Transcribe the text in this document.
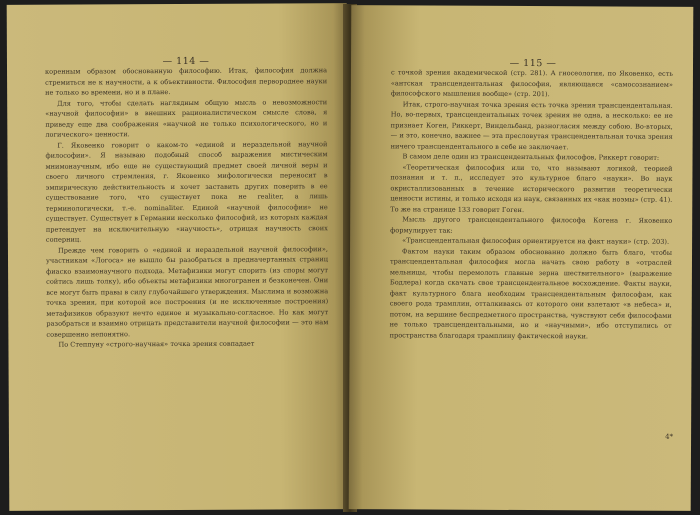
— 114 —

коренным образом обоснованную философию. Итак, философия должна стремиться не к научности, а к объективности. Философия первороднее науки не только во времени, но и в плане.

Для того, чтобы сделать наглядным общую мысль о невозможности «научной философии» в внешних рационалистическом смысле слова, я приведу еще два соображения «научной не только психологического, но и логического» ценности.

Г. Яковенко говорит о каком-то «единой и нераздельной научной философии». Я называю подобный способ выражения мистическим мнимонаучным, ибо еще не существующий предмет своей личной веры и своего личного стремления, г. Яковенко мифологически переносит в эмпирическую действительность и хочет заставить других поверить в ее существование того, что существует пока не realiter, а лишь терминологически, т.-е. nominaliter. Единой «научной философии» не существует. Существует в Германии несколько философий, из которых каждая претендует на исключительную «научность», отрицая научность своих соперниц.

Прежде чем говорить о «единой и нераздельной научной философии», участникам «Логоса» не вышло бы разобраться в предначертанных страниц фиаско взаимонаучного подхода. Метафизики могут спорить (из споры могут сойтись лишь толку), ибо объекты метафизики многогранен и безконечен. Они все могут быть правы в силу глубочайшего утверждения. Мыслима и возможна точка зрения, при которой все построения (и не исключенные построения) метафизиков образуют нечто единое и музыкально-согласное. Но как могут разобраться и взаимно отрицать представители научной философии — это нам совершенно непонятно.

По Степпуну «строго-научная» точка зрения совпадает

— 115 —

с точкой зрения академической (стр. 281). А гносеология, по Яковенко, есть «антская трансцендентальная философия, являющаяся «самосознанием» философского мышления вообще» (стр. 201).

Итак, строго-научная точка зрения есть точка зрения трансцендентальная. Но, во-первых, трансцендентальных точек зрения не одна, а несколько: ее не признает Коген, Риккерт, Виндельбанд, разногласия между собою. Во-вторых, — и это, конечно, важнее — эта пресловутая трансцендентальная точка зрения ничего трансцендентального в себе не заключает.

В самом деле один из трансцендентальных философов, Риккерт говорит:

«Теоретическая философия или то, что называют логикой, теорией познания и т. п., исследует это культурное благо «науки». Во наук окристаллизованных в течение исторического развития теоретически ценности истины, и только исходя из наук, связанных их «как ноэмы» (стр. 41). То же на странице 133 говорит Гоген.

Мысль другого трансцендентального философа Когена г. Яковенко формулирует так:

«Трансцендентальная философия ориентируется на факт науки» (стр. 203).

Фактом науки таким образом обоснованно должно быть благо, чтобы трансцендентальная философия могла начать свою работу в «отраслей мельницы, чтобы перемолоть главные зерна шествительного» (выражение Бодлера) когда скачать свое трансцендентальное восхождение. Факты науки, факт культурного блага необходим трансцендентальным философам, как своего рода трамплин, отталкиваясь от которого они взлетают «в небеса» и, потом, на вершине беспредметного пространства, чувствуют себя философами не только трансцендентальными, но и «научными», ибо отступились от пространства благодаря трамплину фактической науки.

4*
